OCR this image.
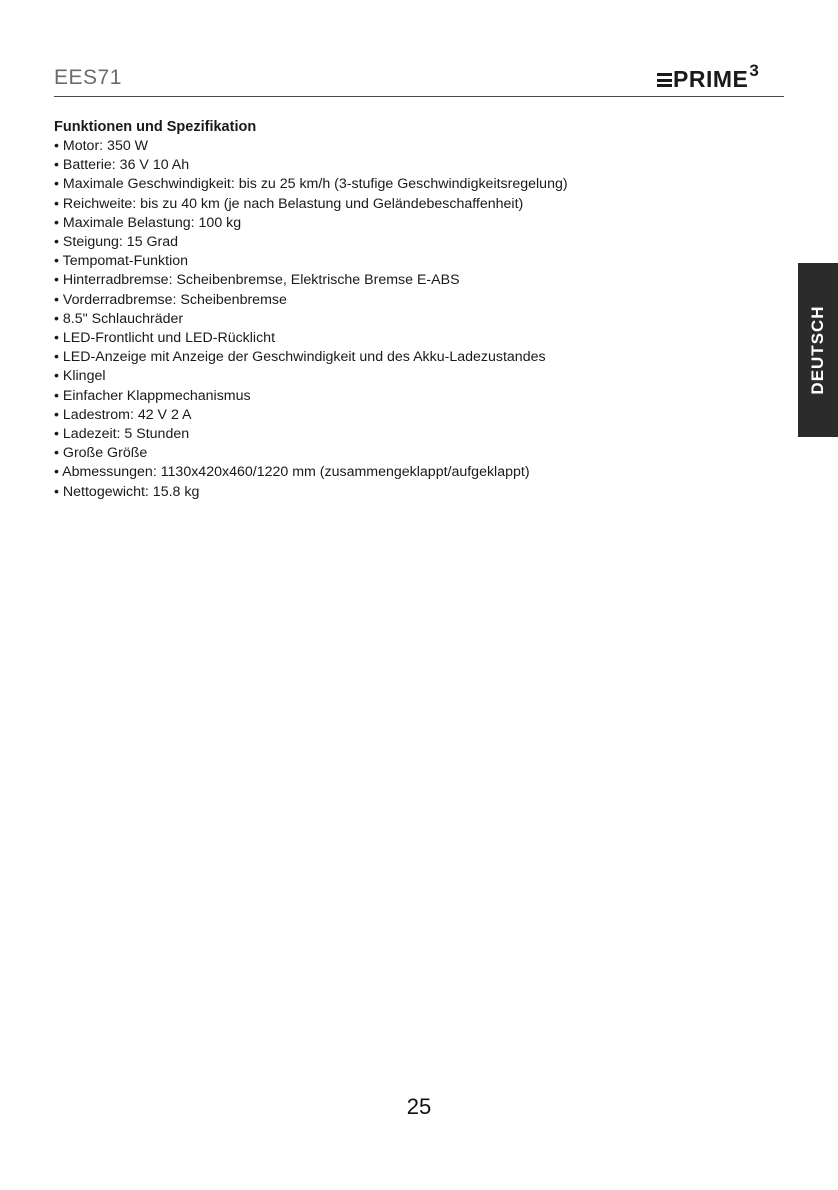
EES71	PRIME 3
Funktionen und Spezifikation
• Motor: 350 W
• Batterie: 36 V 10 Ah
• Maximale Geschwindigkeit: bis zu 25 km/h (3-stufige Geschwindigkeitsregelung)
• Reichweite: bis zu 40 km (je nach Belastung und Geländebeschaffenheit)
• Maximale Belastung: 100 kg
• Steigung: 15 Grad
• Tempomat-Funktion
• Hinterradbremse: Scheibenbremse, Elektrische Bremse E-ABS
• Vorderradbremse: Scheibenbremse
• 8.5" Schlauchräder
• LED-Frontlicht und LED-Rücklicht
• LED-Anzeige mit Anzeige der Geschwindigkeit und des Akku-Ladezustandes
• Klingel
• Einfacher Klappmechanismus
• Ladestrom: 42 V 2 A
• Ladezeit: 5 Stunden
• Große Größe
• Abmessungen: 1130x420x460/1220 mm (zusammengeklappt/aufgeklappt)
• Nettogewicht: 15.8 kg
DEUTSCH
25
